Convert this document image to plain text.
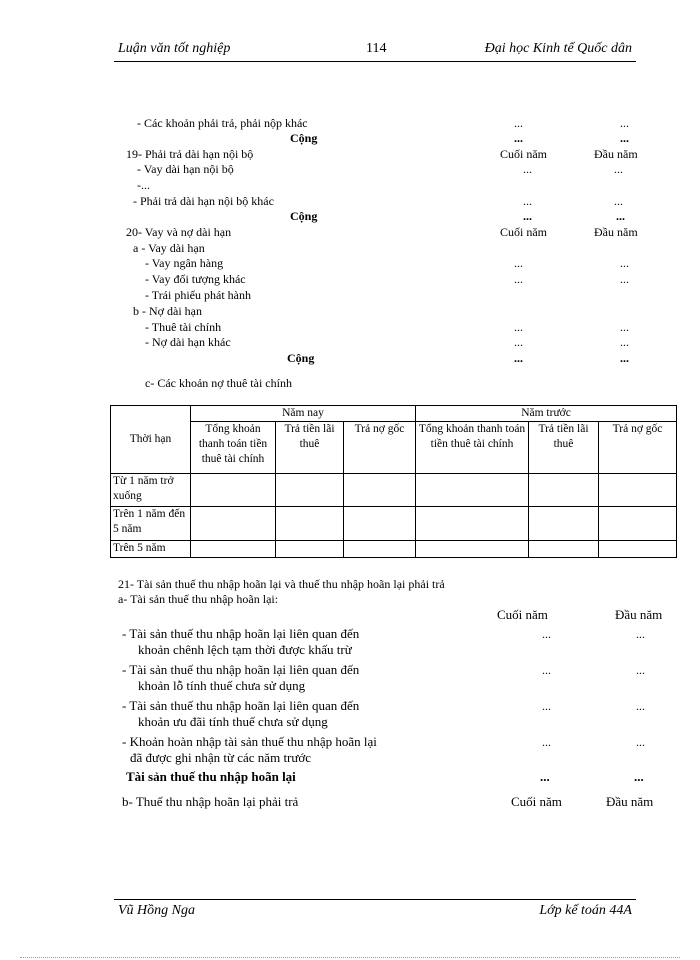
Luận văn tốt nghiệp	114	Đại học Kinh tế Quốc dân
- Các khoản phải trả, phải nộp khác	...	...
Cộng	...	...
19- Phải trả dài hạn nội bộ	Cuối năm	Đầu năm
- Vay dài hạn nội bộ	...	...
-...
- Phải trả dài hạn nội bộ khác	...	...
Cộng	...	...
20- Vay và nợ dài hạn	Cuối năm	Đầu năm
a - Vay dài hạn
- Vay ngân hàng	...	...
- Vay đối tượng khác	...	...
- Trái phiếu phát hành
b - Nợ dài hạn
- Thuê tài chính	...	...
- Nợ dài hạn khác	...	...
Cộng	...	...
c- Các khoản nợ thuê tài chính
Thời hạn	Năm nay			Năm trước		
	Tổng khoản thanh toán tiền thuê tài chính	Trả tiền lãi thuê	Trả nợ gốc	Tổng khoản thanh toán tiền thuê tài chính	Trả tiền lãi thuê	Trả nợ gốc
Từ 1 năm trở xuống						
Trên 1 năm đến 5 năm						
Trên 5 năm						
21- Tài sản thuế thu nhập hoãn lại và thuế thu nhập hoãn lại phải trả
a- Tài sản thuế thu nhập hoãn lại:
Cuối năm	Đầu năm
- Tài sản thuế thu nhập hoãn lại liên quan đến
khoản chênh lệch tạm thời được khấu trừ
...	...
- Tài sản thuế thu nhập hoãn lại liên quan đến
khoản lỗ tính thuế chưa sử dụng
...	...
- Tài sản thuế thu nhập hoãn lại liên quan đến
khoản ưu đãi tính thuế chưa sử dụng
...	...
- Khoản hoàn nhập tài sản thuế thu nhập hoãn lại
đã được ghi nhận từ các năm trước
...	...
Tài sản thuế thu nhập hoãn lại	...	...
b- Thuế thu nhập hoãn lại phải trả	Cuối năm	Đầu năm
Vũ Hồng Nga	Lớp kế toán 44A
